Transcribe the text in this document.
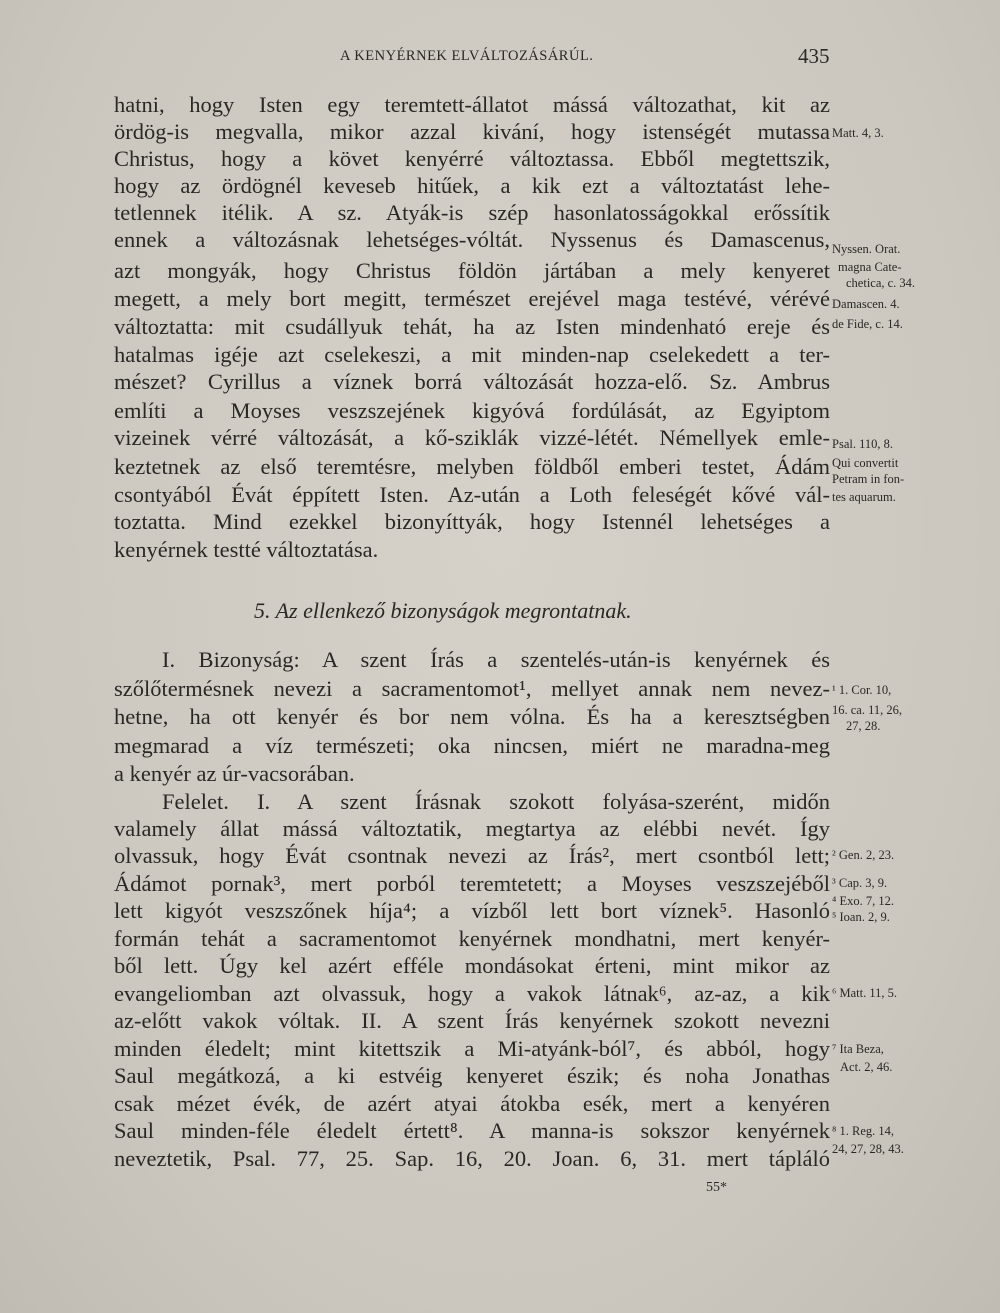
A KENYÉRNEK ELVÁLTOZÁSÁRÚL.	435
hatni, hogy Isten egy teremtett-állatot mássá változathat, kit az
ördög-is megvalla, mikor azzal kivání, hogy istenségét mutassa
Christus, hogy a követ kenyérré változtassa. Ebből megtettszik,
hogy az ördögnél keveseb hitűek, a kik ezt a változtatást lehe-
tetlennek itélik. A sz. Atyák-is szép hasonlatosságokkal erőssítik
ennek a változásnak lehetséges-vóltát. Nyssenus és Damascenus,
azt mongyák, hogy Christus földön jártában a mely kenyeret
megett, a mely bort megitt, természet erejével maga testévé, vérévé
változtatta: mit csudállyuk tehát, ha az Isten mindenható ereje és
hatalmas igéje azt cselekeszi, a mit minden-nap cselekedett a ter-
mészet? Cyrillus a víznek borrá változását hozza-elő. Sz. Ambrus
említi a Moyses veszszejének kigyóvá fordúlását, az Egyiptom
vizeinek vérré változását, a kő-sziklák vizzé-létét. Némellyek emle-
keztetnek az első teremtésre, melyben földből emberi testet, Ádám
csontyából Évát éppített Isten. Az-után a Loth feleségét kővé vál-
toztatta. Mind ezekkel bizonyíttyák, hogy Istennél lehetséges a
kenyérnek testté változtatása.
5. Az ellenkező bizonyságok megrontatnak.
I. Bizonyság: A szent Írás a szentelés-után-is kenyérnek és
szőlőtermésnek nevezi a sacramentomot¹, mellyet annak nem nevez-
hetne, ha ott kenyér és bor nem vólna. És ha a keresztségben
megmarad a víz természeti; oka nincsen, miért ne maradna-meg
a kenyér az úr-vacsorában.
Felelet. I. A szent Írásnak szokott folyása-szerént, midőn
valamely állat mássá változtatik, megtartya az elébbi nevét. Így
olvassuk, hogy Évát csontnak nevezi az Írás², mert csontból lett;
Ádámot pornak³, mert porból teremtetett; a Moyses veszszejéből
lett kigyót veszszőnek híja⁴; a vízből lett bort víznek⁵. Hasonló
formán tehát a sacramentomot kenyérnek mondhatni, mert kenyér-
ből lett. Úgy kel azért efféle mondásokat érteni, mint mikor az
evangeliomban azt olvassuk, hogy a vakok látnak⁶, az-az, a kik
az-előtt vakok vóltak. II. A szent Írás kenyérnek szokott nevezni
minden éledelt; mint kitettszik a Mi-atyánk-ból⁷, és abból, hogy
Saul megátkozá, a ki estvéig kenyeret észik; és noha Jonathas
csak mézet évék, de azért atyai átokba esék, mert a kenyéren
Saul minden-féle éledelt értett⁸. A manna-is sokszor kenyérnek
neveztetik, Psal. 77, 25. Sap. 16, 20. Joan. 6, 31. mert tápláló
Matt. 4, 3.
Nyssen. Orat.
magna Cate-
chetica, c. 34.
Damascen. 4.
de Fide, c. 14.
Psal. 110, 8.
Qui convertit
Petram in fon-
tes aquarum.
¹ 1. Cor. 10,
16. ca. 11, 26,
27, 28.
² Gen. 2, 23.
³ Cap. 3, 9.
⁴ Exo. 7, 12.
⁵ Ioan. 2, 9.
⁶ Matt. 11, 5.
⁷ Ita Beza,
Act. 2, 46.
⁸ 1. Reg. 14,
24, 27, 28, 43.
55*
